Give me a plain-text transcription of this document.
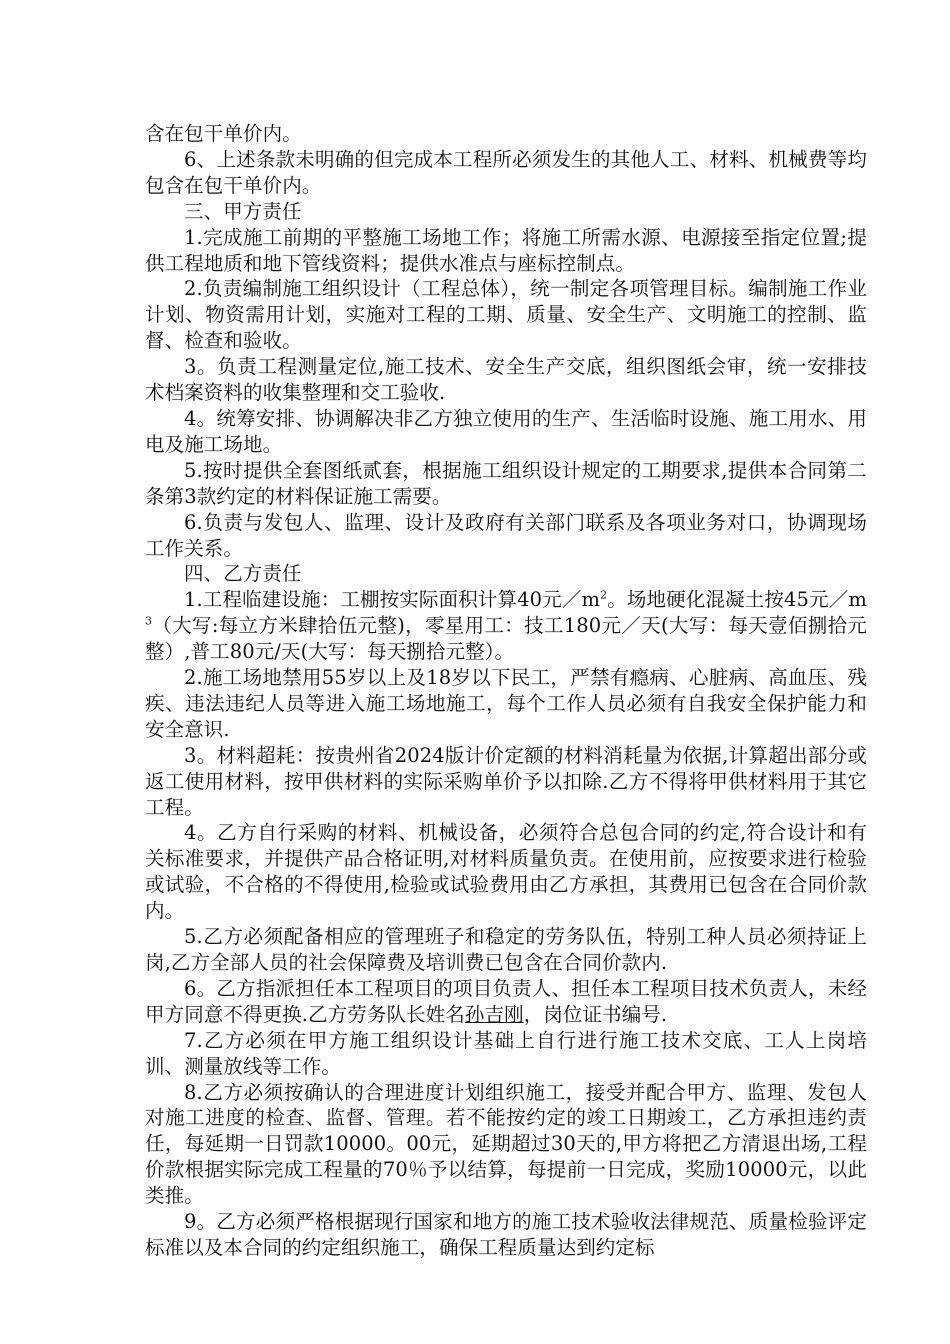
含在包干单价内。

6、上述条款未明确的但完成本工程所必须发生的其他人工、材料、机械费等均包含在包干单价内。

三、甲方责任

1.完成施工前期的平整施工场地工作；将施工所需水源、电源接至指定位置;提供工程地质和地下管线资料；提供水准点与座标控制点。

2.负责编制施工组织设计（工程总体），统一制定各项管理目标。编制施工作业计划、物资需用计划，实施对工程的工期、质量、安全生产、文明施工的控制、监督、检查和验收。

3。负责工程测量定位,施工技术、安全生产交底，组织图纸会审，统一安排技术档案资料的收集整理和交工验收.

4。统筹安排、协调解决非乙方独立使用的生产、生活临时设施、施工用水、用电及施工场地。

5.按时提供全套图纸贰套，根据施工组织设计规定的工期要求,提供本合同第二条第3款约定的材料保证施工需要。

6.负责与发包人、监理、设计及政府有关部门联系及各项业务对口，协调现场工作关系。

四、乙方责任

1.工程临建设施：工棚按实际面积计算40元$/m^2$。场地硬化混凝土按45元$/m^3$（大写:每立方米肆拾伍元整)，零星用工：技工180元／天(大写：每天壹佰捌拾元整）,普工80元/天(大写：每天捌拾元整）。

2.施工场地禁用55岁以上及18岁以下民工，严禁有瘾病、心脏病、高血压、残疾、违法违纪人员等进入施工场地施工，每个工作人员必须有自我安全保护能力和安全意识.

3。材料超耗：按贵州省2024版计价定额的材料消耗量为依据,计算超出部分或返工使用材料，按甲供材料的实际采购单价予以扣除.乙方不得将甲供材料用于其它工程。

4。乙方自行采购的材料、机械设备，必须符合总包合同的约定,符合设计和有关标准要求，并提供产品合格证明,对材料质量负责。在使用前，应按要求进行检验或试验，不合格的不得使用,检验或试验费用由乙方承担，其费用已包含在合同价款内。

5.乙方必须配备相应的管理班子和稳定的劳务队伍，特别工种人员必须持证上岗,乙方全部人员的社会保障费及培训费已包含在合同价款内.

6。乙方指派担任本工程项目的项目负责人、担任本工程项目技术负责人，未经甲方同意不得更换.乙方劳务队长姓名孙吉刚，岗位证书编号.

7.乙方必须在甲方施工组织设计基础上自行进行施工技术交底、工人上岗培训、测量放线等工作。

8.乙方必须按确认的合理进度计划组织施工，接受并配合甲方、监理、发包人对施工进度的检查、监督、管理。若不能按约定的竣工日期竣工，乙方承担违约责任，每延期一日罚款10000。00元，延期超过30天的,甲方将把乙方清退出场,工程价款根据实际完成工程量的70％予以结算，每提前一日完成，奖励10000元，以此类推。

9。乙方必须严格根据现行国家和地方的施工技术验收法律规范、质量检验评定标准以及本合同的约定组织施工，确保工程质量达到约定标
